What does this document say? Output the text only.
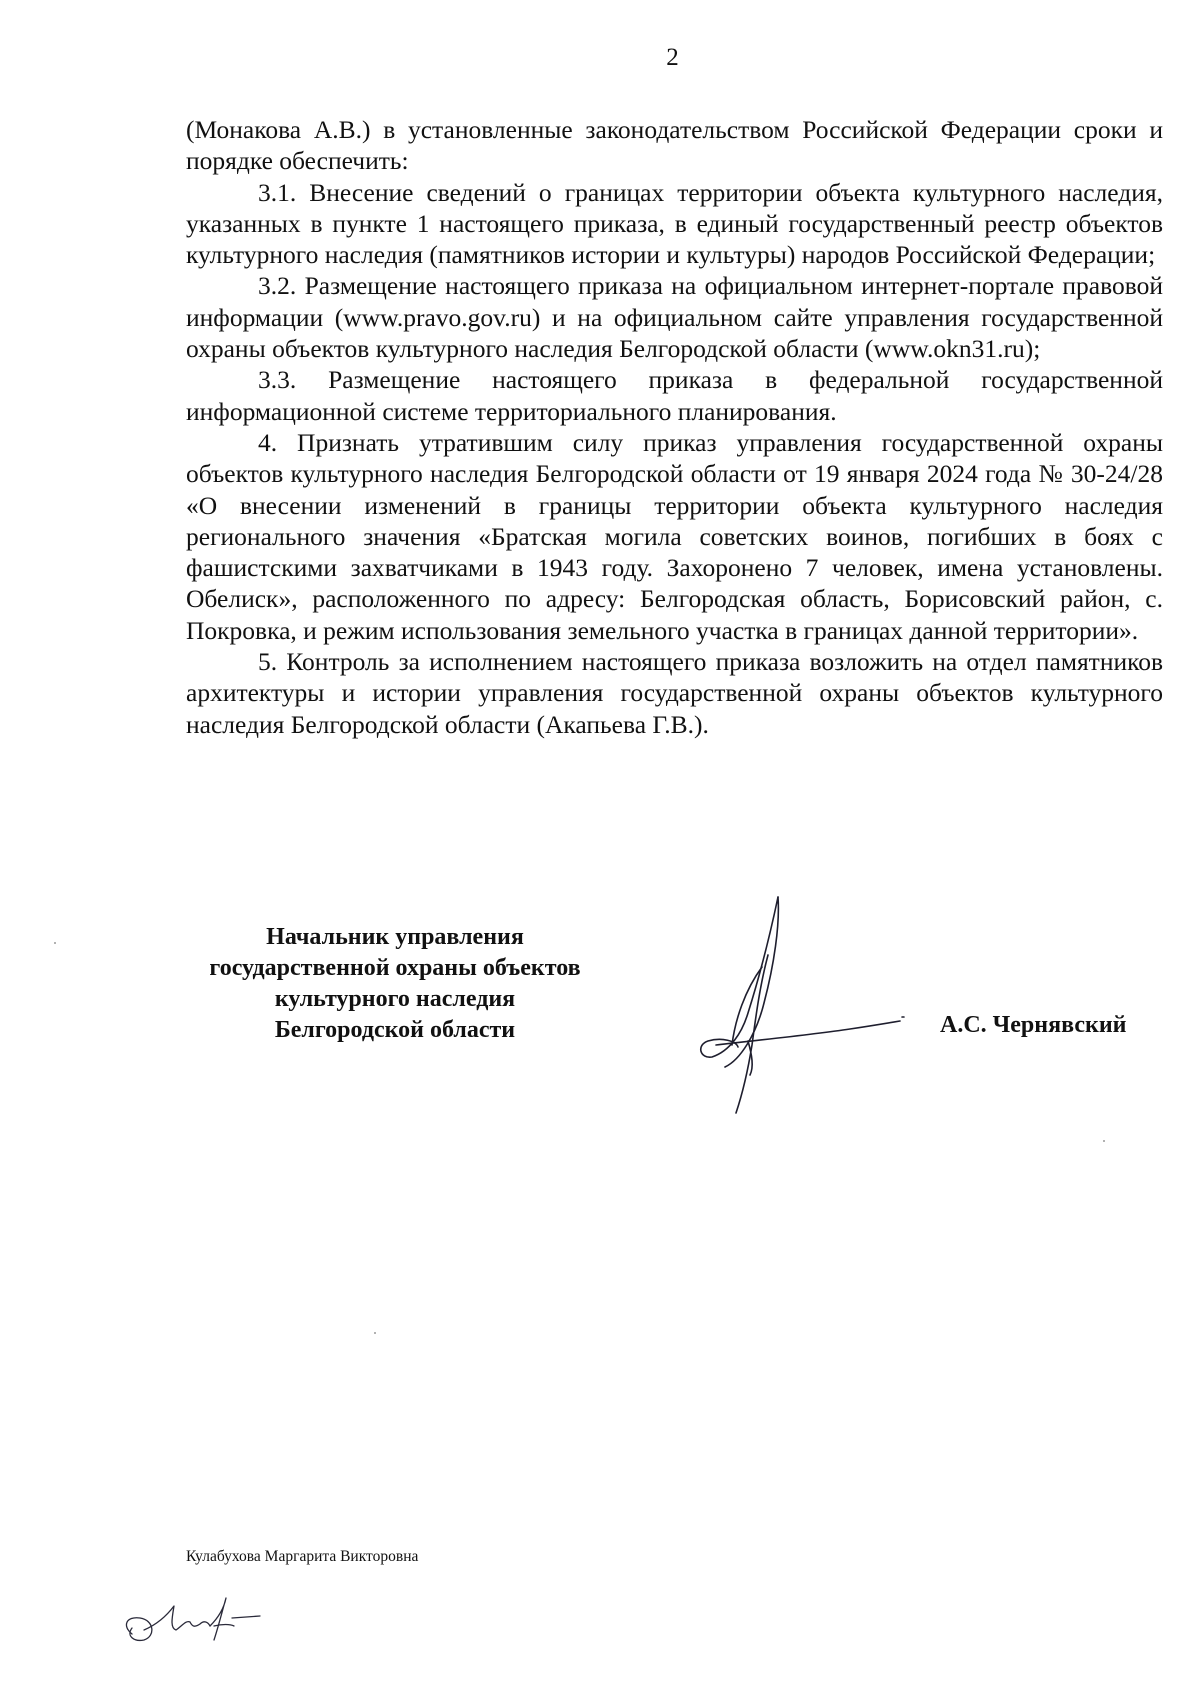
2

(Монакова А.В.) в установленные законодательством Российской Федерации сроки и порядке обеспечить:

3.1. Внесение сведений о границах территории объекта культурного наследия, указанных в пункте 1 настоящего приказа, в единый государственный реестр объектов культурного наследия (памятников истории и культуры) народов Российской Федерации;

3.2. Размещение настоящего приказа на официальном интернет-портале правовой информации (www.pravo.gov.ru) и на официальном сайте управления государственной охраны объектов культурного наследия Белгородской области (www.okn31.ru);

3.3. Размещение настоящего приказа в федеральной государственной информационной системе территориального планирования.

4. Признать утратившим силу приказ управления государственной охраны объектов культурного наследия Белгородской области от 19 января 2024 года № 30-24/28 «О внесении изменений в границы территории объекта культурного наследия регионального значения «Братская могила советских воинов, погибших в боях с фашистскими захватчиками в 1943 году. Захоронено 7 человек, имена установлены. Обелиск», расположенного по адресу: Белгородская область, Борисовский район, с. Покровка, и режим использования земельного участка в границах данной территории».

5. Контроль за исполнением настоящего приказа возложить на отдел памятников архитектуры и истории управления государственной охраны объектов культурного наследия Белгородской области (Акапьева Г.В.).

Начальник управления
государственной охраны объектов
культурного наследия
Белгородской области	А.С. Чернявский
Кулабухова Маргарита Викторовна
